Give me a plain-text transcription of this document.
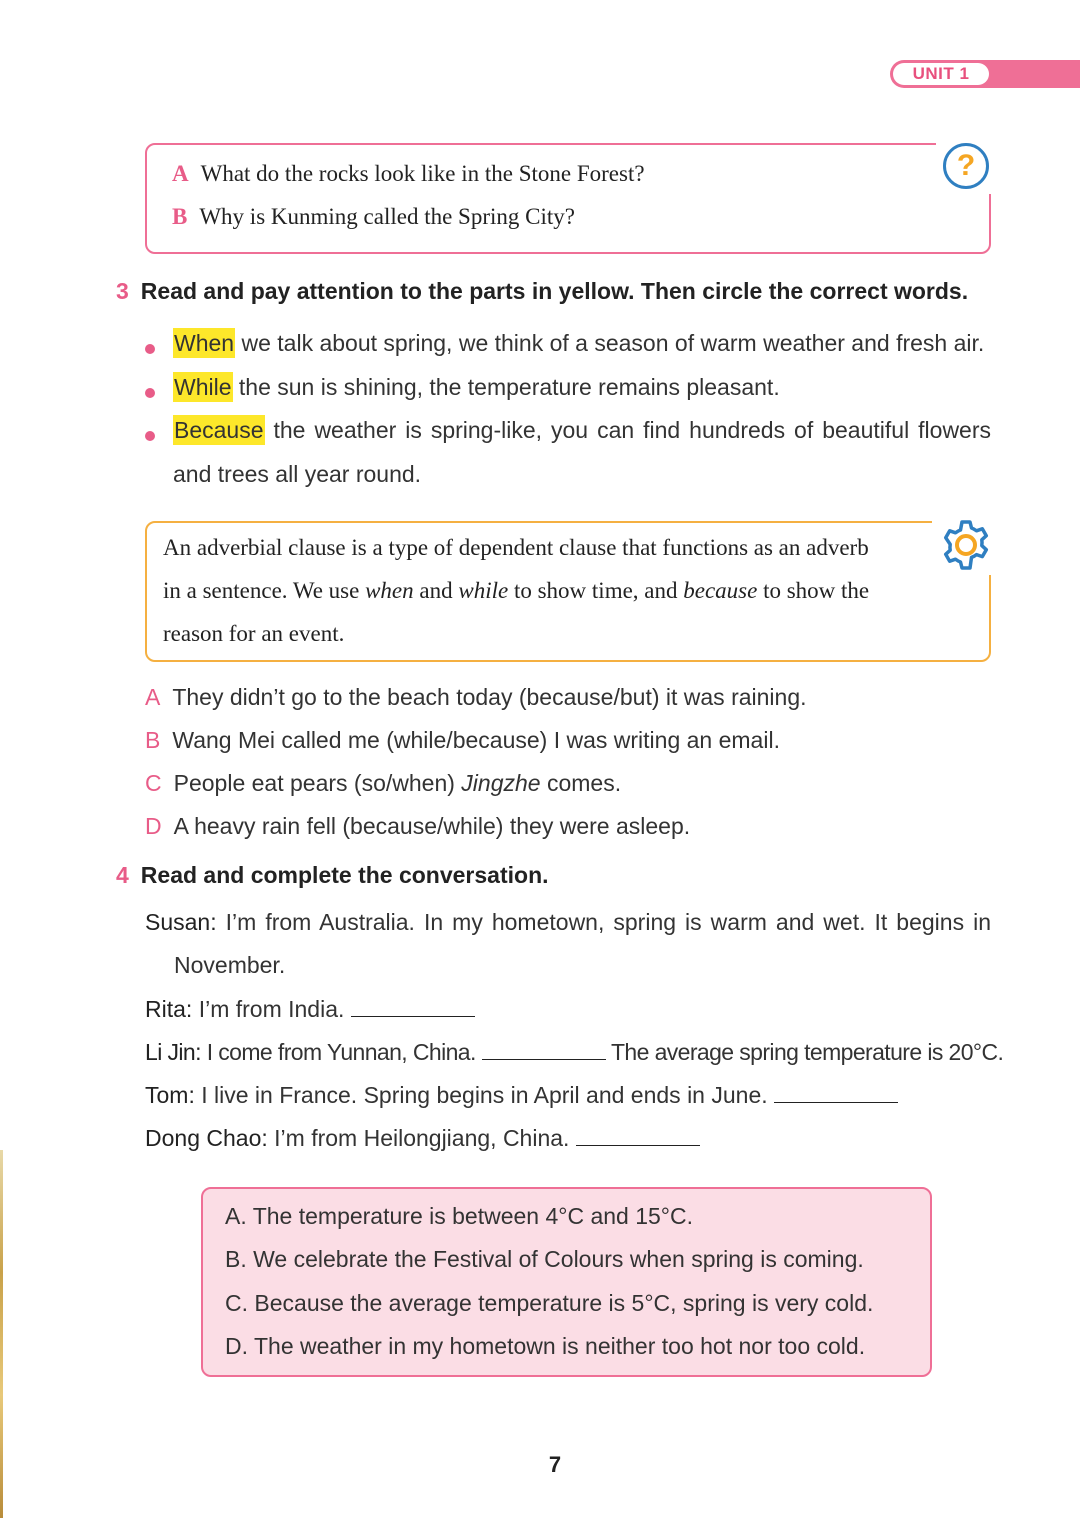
UNIT 1
?
A What do the rocks look like in the Stone Forest?
B Why is Kunming called the Spring City?
3 Read and pay attention to the parts in yellow. Then circle the correct words.
When we talk about spring, we think of a season of warm weather and fresh air.
While the sun is shining, the temperature remains pleasant.
Because the weather is spring-like, you can find hundreds of beautiful flowers
and trees all year round.
An adverbial clause is a type of dependent clause that functions as an adverb
in a sentence. We use when and while to show time, and because to show the
reason for an event.
A They didn’t go to the beach today (because/but) it was raining.
B Wang Mei called me (while/because) I was writing an email.
C People eat pears (so/when) Jingzhe comes.
D A heavy rain fell (because/while) they were asleep.
4 Read and complete the conversation.
Susan: I’m from Australia. In my hometown, spring is warm and wet. It begins in
November.
Rita: I’m from India.
Li Jin: I come from Yunnan, China.	The average spring temperature is 20°C.
Tom: I live in France. Spring begins in April and ends in June.
Dong Chao: I’m from Heilongjiang, China.
A. The temperature is between 4°C and 15°C.
B. We celebrate the Festival of Colours when spring is coming.
C. Because the average temperature is 5°C, spring is very cold.
D. The weather in my hometown is neither too hot nor too cold.
7
